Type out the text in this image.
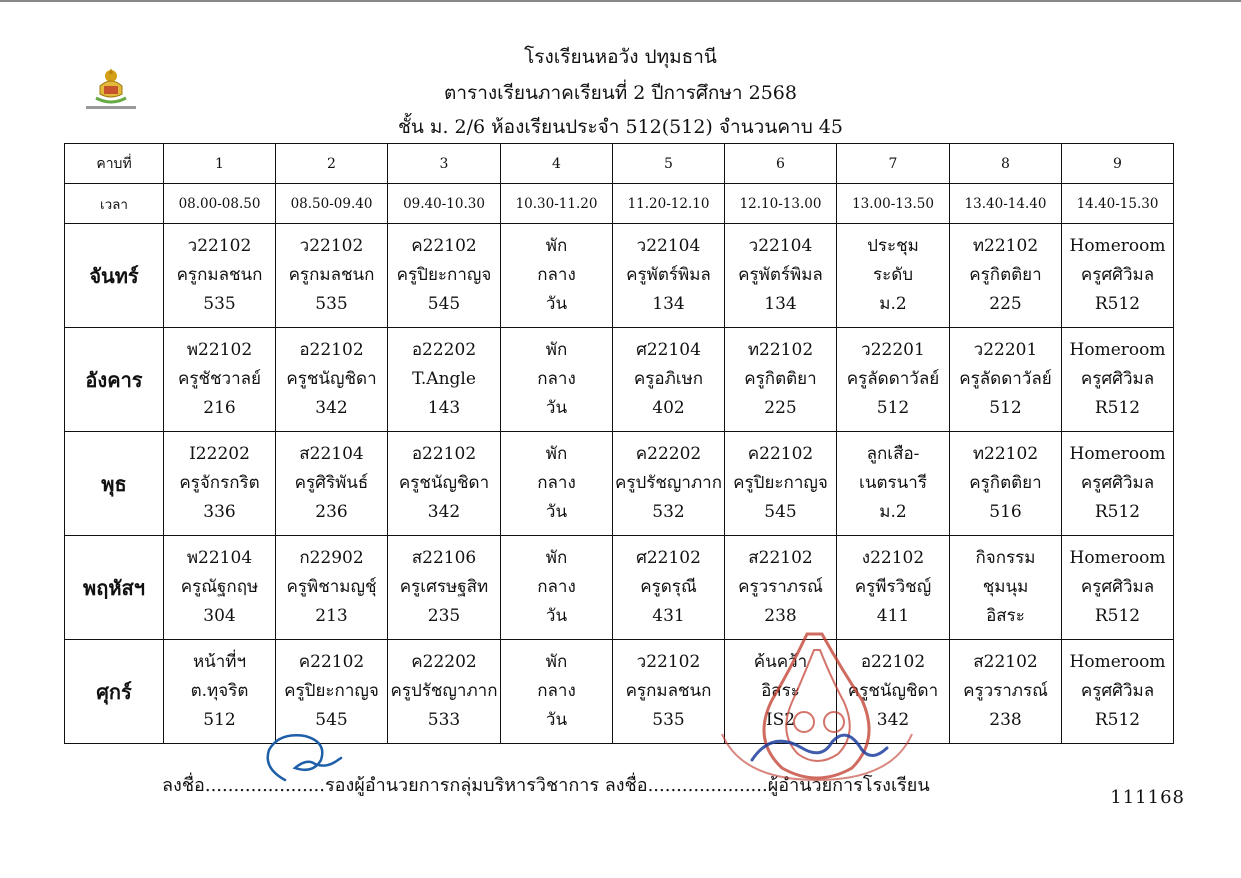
โรงเรียนหอวัง ปทุมธานี
ตารางเรียนภาคเรียนที่ 2 ปีการศึกษา 2568
ชั้น ม. 2/6 ห้องเรียนประจำ 512(512) จำนวนคาบ 45
คาบที่	1	2	3	4	5	6	7	8	9
เวลา	08.00-08.50	08.50-09.40	09.40-10.30	10.30-11.20	11.20-12.10	12.10-13.00	13.00-13.50	13.40-14.40	14.40-15.30
จันทร์	ว22102
ครูกมลชนก
535	ว22102
ครูกมลชนก
535	ค22102
ครูปิยะกาญจ
545	พัก
กลาง
วัน	ว22104
ครูพัตร์พิมล
134	ว22104
ครูพัตร์พิมล
134	ประชุม
ระดับ
ม.2	ท22102
ครูกิตติยา
225	Homeroom
ครูศศิวิมล
R512

อังคาร	พ22102
ครูชัชวาลย์
216	อ22102
ครูชนัญชิดา
342	อ22202
T.Angle
143	พัก
กลาง
วัน	ศ22104
ครูอภิเษก
402	ท22102
ครูกิตติยา
225	ว22201
ครูลัดดาวัลย์
512	ว22201
ครูลัดดาวัลย์
512	Homeroom
ครูศศิวิมล
R512

พุธ	I22202
ครูจักรกริต
336	ส22104
ครูศิริพันธ์
236	อ22102
ครูชนัญชิดา
342	พัก
กลาง
วัน	ค22202
ครูปรัชญาภาก
532	ค22102
ครูปิยะกาญจ
545	ลูกเสือ-
เนตรนารี
ม.2	ท22102
ครูกิตติยา
516	Homeroom
ครูศศิวิมล
R512

พฤหัสฯ	พ22104
ครูณัฐกฤษ
304	ก22902
ครูพิชามญชุ์
213	ส22106
ครูเศรษฐสิท
235	พัก
กลาง
วัน	ศ22102
ครูดรุณี
431	ส22102
ครูวราภรณ์
238	ง22102
ครูพีรวิชญ์
411	กิจกรรม
ชุมนุม
อิสระ	Homeroom
ครูศศิวิมล
R512

ศุกร์	หน้าที่ฯ
ต.ทุจริต
512	ค22102
ครูปิยะกาญจ
545	ค22202
ครูปรัชญาภาก
533	พัก
กลาง
วัน	ว22102
ครูกมลชนก
535	ค้นคว้า
อิสระ
IS2	อ22102
ครูชนัญชิดา
342	ส22102
ครูวราภรณ์
238	Homeroom
ครูศศิวิมล
R512
ลงชื่อ.....................รองผู้อำนวยการกลุ่มบริหารวิชาการ ลงชื่อ.....................ผู้อำนวยการโรงเรียน
111168
